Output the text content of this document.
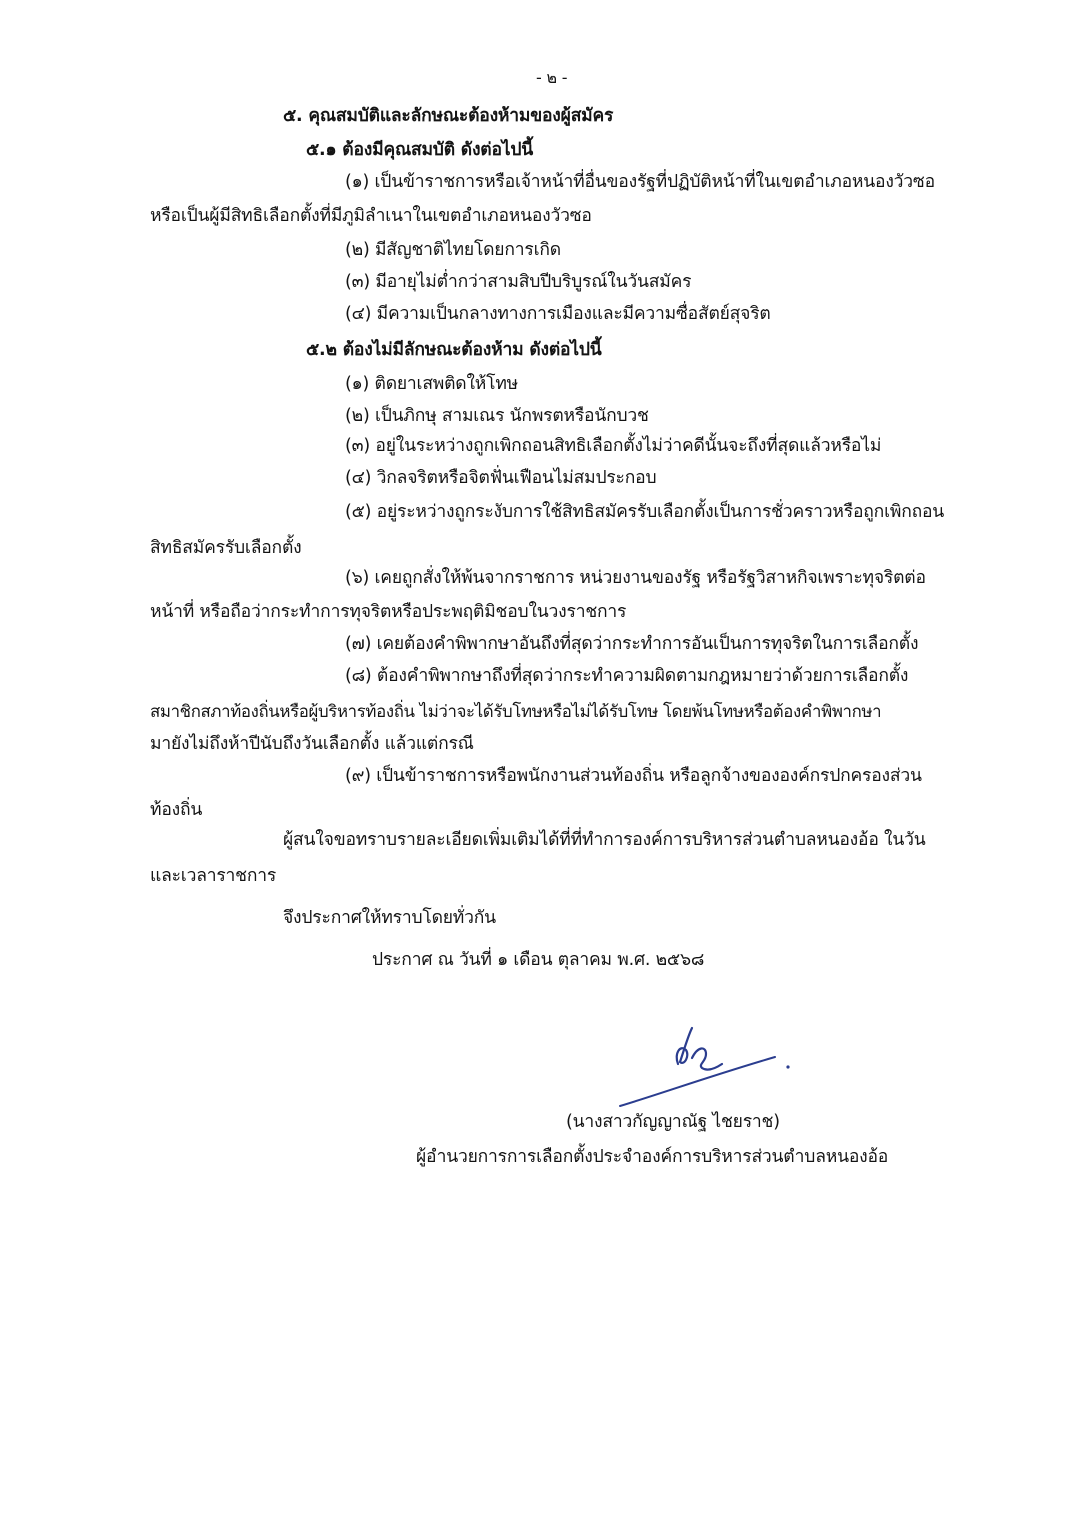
- ๒ -
๕. คุณสมบัติและลักษณะต้องห้ามของผู้สมัคร
๕.๑ ต้องมีคุณสมบัติ ดังต่อไปนี้
(๑) เป็นข้าราชการหรือเจ้าหน้าที่อื่นของรัฐที่ปฏิบัติหน้าที่ในเขตอำเภอหนองวัวซอ
หรือเป็นผู้มีสิทธิเลือกตั้งที่มีภูมิลำเนาในเขตอำเภอหนองวัวซอ
(๒) มีสัญชาติไทยโดยการเกิด
(๓) มีอายุไม่ต่ำกว่าสามสิบปีบริบูรณ์ในวันสมัคร
(๔) มีความเป็นกลางทางการเมืองและมีความซื่อสัตย์สุจริต
๕.๒ ต้องไม่มีลักษณะต้องห้าม ดังต่อไปนี้
(๑) ติดยาเสพติดให้โทษ
(๒) เป็นภิกษุ สามเณร นักพรตหรือนักบวช
(๓) อยู่ในระหว่างถูกเพิกถอนสิทธิเลือกตั้งไม่ว่าคดีนั้นจะถึงที่สุดแล้วหรือไม่
(๔) วิกลจริตหรือจิตฟั่นเฟือนไม่สมประกอบ
(๕) อยู่ระหว่างถูกระงับการใช้สิทธิสมัครรับเลือกตั้งเป็นการชั่วคราวหรือถูกเพิกถอน
สิทธิสมัครรับเลือกตั้ง
(๖) เคยถูกสั่งให้พ้นจากราชการ หน่วยงานของรัฐ หรือรัฐวิสาหกิจเพราะทุจริตต่อ
หน้าที่ หรือถือว่ากระทำการทุจริตหรือประพฤติมิชอบในวงราชการ
(๗) เคยต้องคำพิพากษาอันถึงที่สุดว่ากระทำการอันเป็นการทุจริตในการเลือกตั้ง
(๘) ต้องคำพิพากษาถึงที่สุดว่ากระทำความผิดตามกฎหมายว่าด้วยการเลือกตั้ง
สมาชิกสภาท้องถิ่นหรือผู้บริหารท้องถิ่น ไม่ว่าจะได้รับโทษหรือไม่ได้รับโทษ โดยพ้นโทษหรือต้องคำพิพากษา
มายังไม่ถึงห้าปีนับถึงวันเลือกตั้ง แล้วแต่กรณี
(๙) เป็นข้าราชการหรือพนักงานส่วนท้องถิ่น หรือลูกจ้างขององค์กรปกครองส่วน
ท้องถิ่น
ผู้สนใจขอทราบรายละเอียดเพิ่มเติมได้ที่ที่ทำการองค์การบริหารส่วนตำบลหนองอ้อ ในวัน
และเวลาราชการ
จึงประกาศให้ทราบโดยทั่วกัน
ประกาศ ณ วันที่ ๑ เดือน ตุลาคม พ.ศ. ๒๕๖๘
(นางสาวกัญญาณัฐ ไชยราช)
ผู้อำนวยการการเลือกตั้งประจำองค์การบริหารส่วนตำบลหนองอ้อ
